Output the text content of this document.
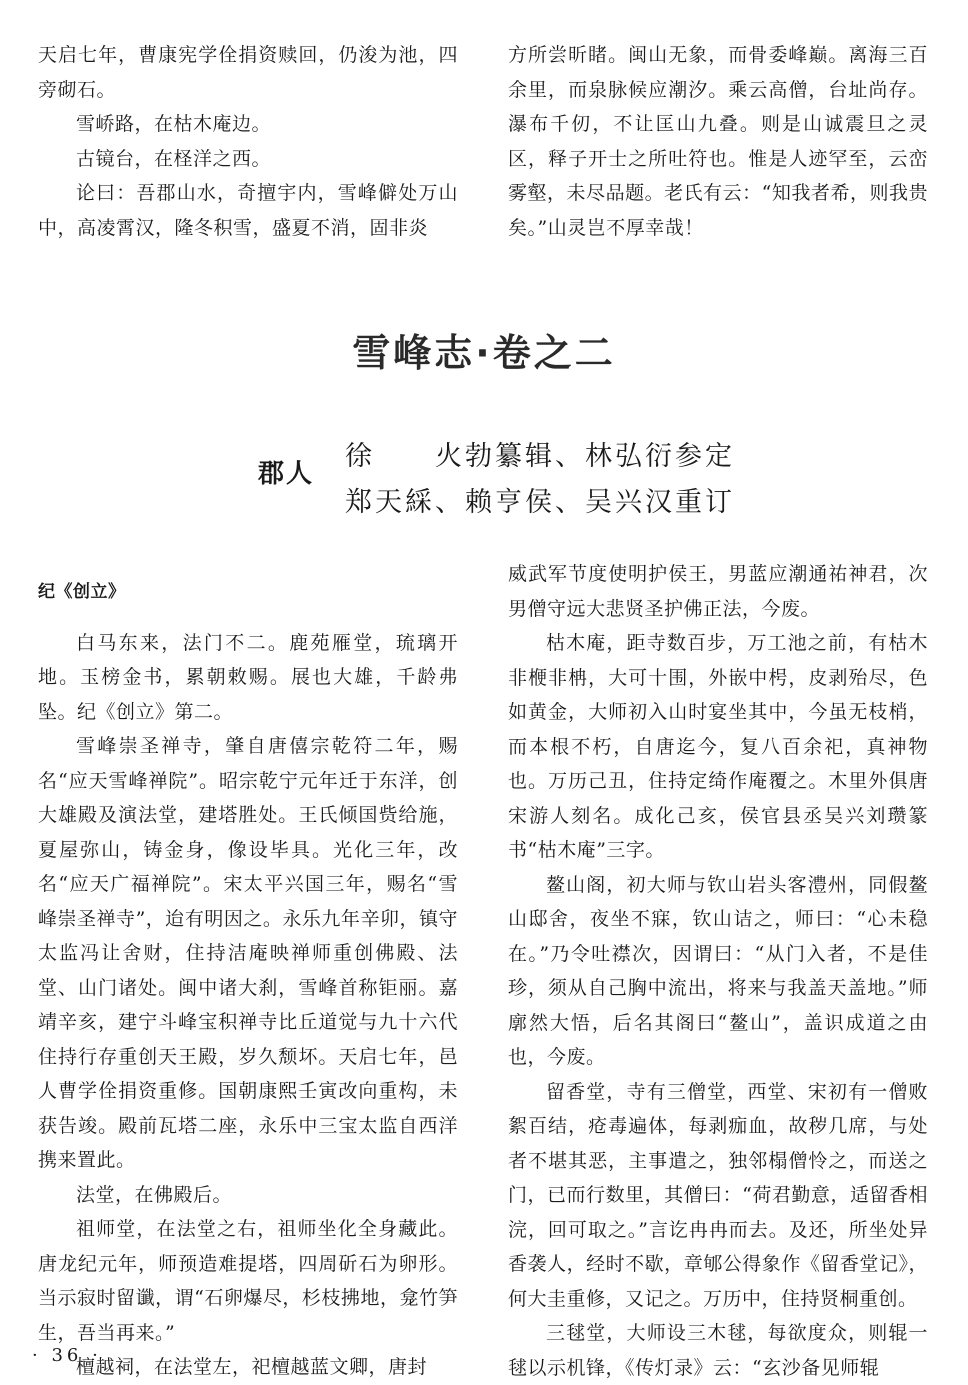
天启七年，曹康宪学佺捐资赎回，仍浚为池，四旁砌石。

雪峤路，在枯木庵边。

古镜台，在柽洋之西。

论曰：吾郡山水，奇擅宇内，雪峰僻处万山中，高凌霄汉，隆冬积雪，盛夏不消，固非炎

方所尝昕睹。闽山无象，而骨委峰巅。离海三百余里，而泉脉候应潮汐。乘云高僧，台址尚存。瀑布千仞，不让匡山九叠。则是山诚震旦之灵区，释子开士之所吐符也。惟是人迹罕至，云峦雾壑，未尽品题。老氏有云：“知我者希，则我贵矣。”山灵岂不厚幸哉！

雪峰志·卷之二
郡人
徐　　火勃纂辑、林弘衍参定
郑天綵、赖亨侯、吴兴汉重订

纪《创立》

白马东来，法门不二。鹿苑雁堂，琉璃开地。玉榜金书，累朝敕赐。展也大雄，千龄弗坠。纪《创立》第二。

雪峰崇圣禅寺，肇自唐僖宗乾符二年，赐名“应天雪峰禅院”。昭宗乾宁元年迁于东洋，创大雄殿及演法堂，建塔胜处。王氏倾国赀给施，夏屋弥山，铸金身，像设毕具。光化三年，改名“应天广福禅院”。宋太平兴国三年，赐名“雪峰崇圣禅寺”，迨有明因之。永乐九年辛卯，镇守太监冯让舍财，住持洁庵映禅师重创佛殿、法堂、山门诸处。闽中诸大刹，雪峰首称钜丽。嘉靖辛亥，建宁斗峰宝积禅寺比丘道觉与九十六代住持行存重创天王殿，岁久颓坏。天启七年，邑人曹学佺捐资重修。国朝康熙壬寅改向重构，未获告竣。殿前瓦塔二座，永乐中三宝太监自西洋携来置此。

法堂，在佛殿后。

祖师堂，在法堂之右，祖师坐化全身藏此。唐龙纪元年，师预造难提塔，四周斫石为卵形。当示寂时留谶，谓“石卵爆尽，杉枝拂地，龛竹笋生，吾当再来。”

檀越祠，在法堂左，祀檀越蓝文卿，唐封

威武军节度使明护侯王，男蓝应潮通祐神君，次男僧守远大悲贤圣护佛正法，今废。

枯木庵，距寺数百步，万工池之前，有枯木非楩非柟，大可十围，外嵌中枵，皮剥殆尽，色如黄金，大师初入山时宴坐其中，今虽无枝梢，而本根不朽，自唐迄今，复八百余祀，真神物也。万历己丑，住持定绮作庵覆之。木里外俱唐宋游人刻名。成化己亥，侯官县丞吴兴刘瓒篆书“枯木庵”三字。

鳌山阁，初大师与钦山岩头客澧州，同假鳌山邸舍，夜坐不寐，钦山诘之，师曰：“心未稳在。”乃令吐襟次，因谓曰：“从门入者，不是佳珍，须从自己胸中流出，将来与我盖天盖地。”师廓然大悟，后名其阁曰“鳌山”，盖识成道之由也，今废。

留香堂，寺有三僧堂，西堂、宋初有一僧败絮百结，疮毒遍体，每剥痂血，故秽几席，与处者不堪其恶，主事遣之，独邻榻僧怜之，而送之门，已而行数里，其僧曰：“荷君勤意，适留香相浣，回可取之。”言讫冉冉而去。及还，所坐处异香袭人，经时不歇，章郇公得象作《留香堂记》，何大圭重修，又记之。万历中，住持贤桐重创。

三毬堂，大师设三木毬，每欲度众，则辊一毬以示机锋，《传灯录》云：“玄沙备见师辊

· 36 ·
